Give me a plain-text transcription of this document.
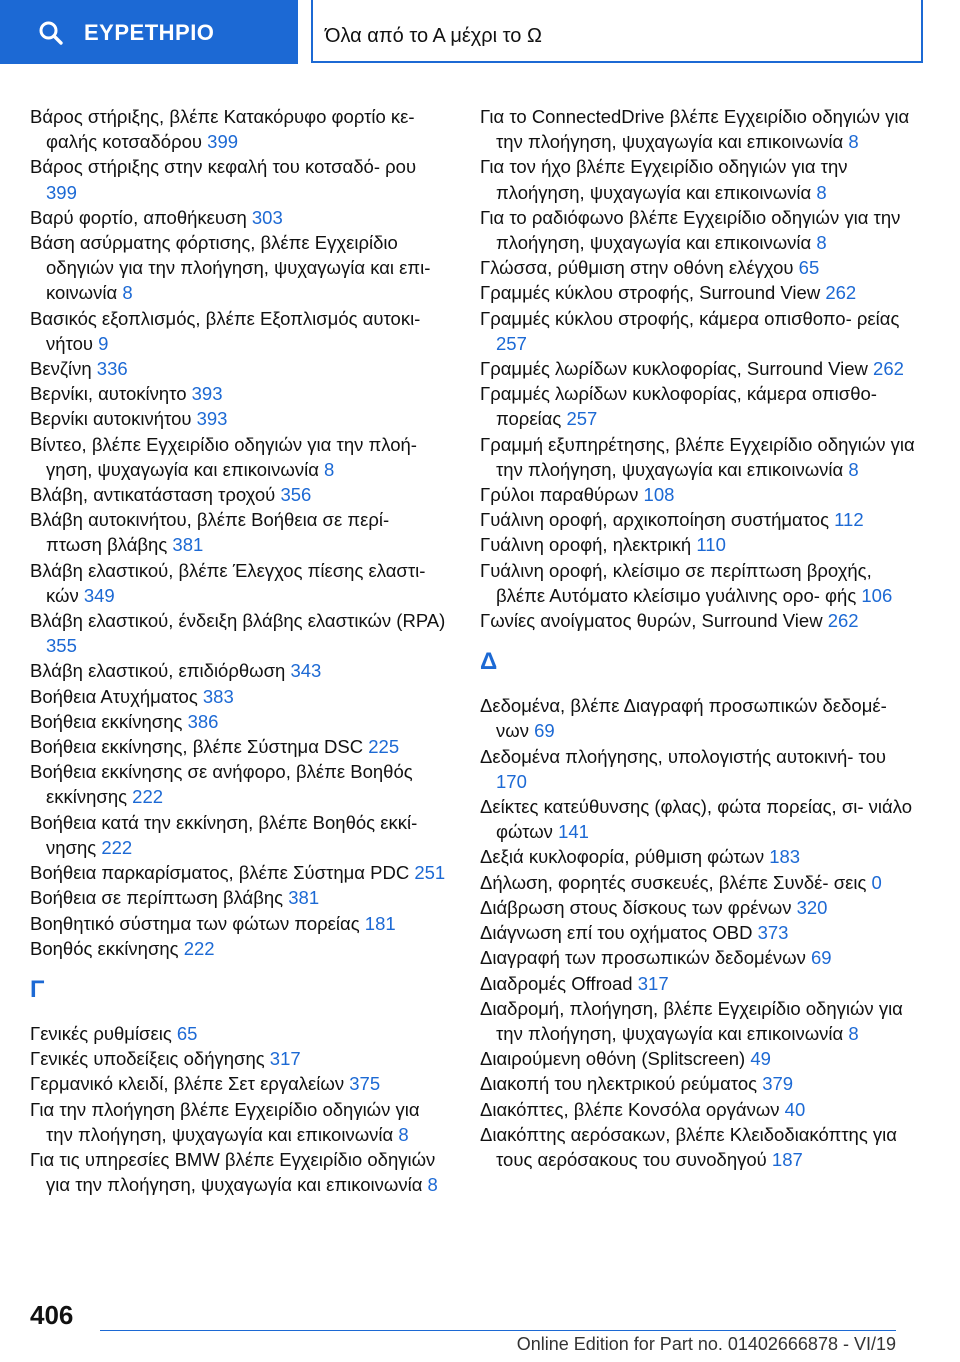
ΕΥΡΕΤΗΡΙΟ	Όλα από το Α μέχρι το Ω

Βάρος στήριξης, βλέπε Κατακόρυφο φορτίο κε- φαλής κοτσαδόρου 399

Βάρος στήριξης στην κεφαλή του κοτσαδό- ρου 399

Βαρύ φορτίο, αποθήκευση 303

Βάση ασύρματης φόρτισης, βλέπε Εγχειρίδιο οδηγιών για την πλοήγηση, ψυχαγωγία και επι- κοινωνία 8

Βασικός εξοπλισμός, βλέπε Εξοπλισμός αυτοκι- νήτου 9

Βενζίνη 336

Βερνίκι, αυτοκίνητο 393

Βερνίκι αυτοκινήτου 393

Βίντεο, βλέπε Εγχειρίδιο οδηγιών για την πλοή- γηση, ψυχαγωγία και επικοινωνία 8

Βλάβη, αντικατάσταση τροχού 356

Βλάβη αυτοκινήτου, βλέπε Βοήθεια σε περί- πτωση βλάβης 381

Βλάβη ελαστικού, βλέπε Έλεγχος πίεσης ελαστι- κών 349

Βλάβη ελαστικού, ένδειξη βλάβης ελαστικών (RPA) 355

Βλάβη ελαστικού, επιδιόρθωση 343

Βοήθεια Ατυχήματος 383

Βοήθεια εκκίνησης 386

Βοήθεια εκκίνησης, βλέπε Σύστημα DSC 225

Βοήθεια εκκίνησης σε ανήφορο, βλέπε Βοηθός εκκίνησης 222

Βοήθεια κατά την εκκίνηση, βλέπε Βοηθός εκκί- νησης 222

Βοήθεια παρκαρίσματος, βλέπε Σύστημα PDC 251

Βοήθεια σε περίπτωση βλάβης 381

Βοηθητικό σύστημα των φώτων πορείας 181

Βοηθός εκκίνησης 222

Γ

Γενικές ρυθμίσεις 65

Γενικές υποδείξεις οδήγησης 317

Γερμανικό κλειδί, βλέπε Σετ εργαλείων 375

Για την πλοήγηση βλέπε Εγχειρίδιο οδηγιών για την πλοήγηση, ψυχαγωγία και επικοινωνία 8

Για τις υπηρεσίες BMW βλέπε Εγχειρίδιο οδηγιών για την πλοήγηση, ψυχαγωγία και επικοινωνία 8

Για το ConnectedDrive βλέπε Εγχειρίδιο οδηγιών για την πλοήγηση, ψυχαγωγία και επικοινωνία 8

Για τον ήχο βλέπε Εγχειρίδιο οδηγιών για την πλοήγηση, ψυχαγωγία και επικοινωνία 8

Για το ραδιόφωνο βλέπε Εγχειρίδιο οδηγιών για την πλοήγηση, ψυχαγωγία και επικοινωνία 8

Γλώσσα, ρύθμιση στην οθόνη ελέγχου 65

Γραμμές κύκλου στροφής, Surround View 262

Γραμμές κύκλου στροφής, κάμερα οπισθοπο- ρείας 257

Γραμμές λωρίδων κυκλοφορίας, Surround View 262

Γραμμές λωρίδων κυκλοφορίας, κάμερα οπισθο- πορείας 257

Γραμμή εξυπηρέτησης, βλέπε Εγχειρίδιο οδηγιών για την πλοήγηση, ψυχαγωγία και επικοινωνία 8

Γρύλοι παραθύρων 108

Γυάλινη οροφή, αρχικοποίηση συστήματος 112

Γυάλινη οροφή, ηλεκτρική 110

Γυάλινη οροφή, κλείσιμο σε περίπτωση βροχής, βλέπε Αυτόματο κλείσιμο γυάλινης ορο- φής 106

Γωνίες ανοίγματος θυρών, Surround View 262

Δ

Δεδομένα, βλέπε Διαγραφή προσωπικών δεδομέ- νων 69

Δεδομένα πλοήγησης, υπολογιστής αυτοκινή- του 170

Δείκτες κατεύθυνσης (φλας), φώτα πορείας, σι- νιάλο φώτων 141

Δεξιά κυκλοφορία, ρύθμιση φώτων 183

Δήλωση, φορητές συσκευές, βλέπε Συνδέ- σεις 0

Διάβρωση στους δίσκους των φρένων 320

Διάγνωση επί του οχήματος OBD 373

Διαγραφή των προσωπικών δεδομένων 69

Διαδρομές Offroad 317

Διαδρομή, πλοήγηση, βλέπε Εγχειρίδιο οδηγιών για την πλοήγηση, ψυχαγωγία και επικοινωνία 8

Διαιρούμενη οθόνη (Splitscreen) 49

Διακοπή του ηλεκτρικού ρεύματος 379

Διακόπτες, βλέπε Κονσόλα οργάνων 40

Διακόπτης αερόσακων, βλέπε Κλειδοδιακόπτης για τους αερόσακους του συνοδηγού 187

406
Online Edition for Part no. 01402666878 - VI/19
